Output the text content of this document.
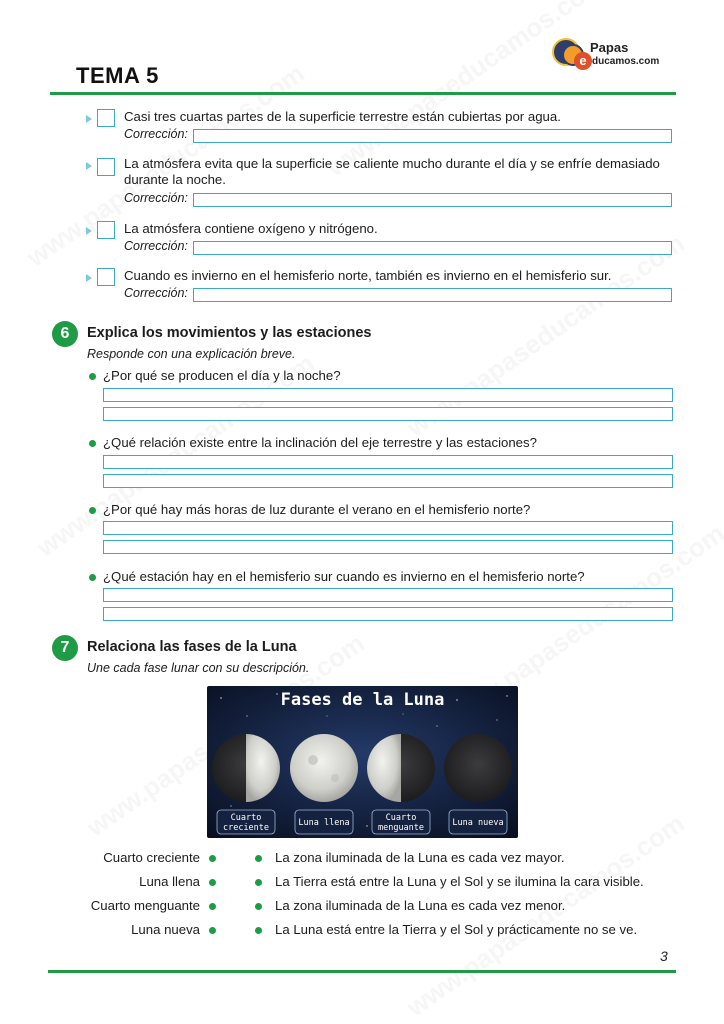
e
Papas
ducamos.com
TEMA 5
Casi tres cuartas partes de la superficie terrestre están cubiertas por agua.
Corrección:
La atmósfera evita que la superficie se caliente mucho durante el día y se enfríe demasiado durante la noche.
Corrección:
La atmósfera contiene oxígeno y nitrógeno.
Corrección:
Cuando es invierno en el hemisferio norte, también es invierno en el hemisferio sur.
Corrección:
6	Explica los movimientos y las estaciones
Responde con una explicación breve.
¿Por qué se producen el día y la noche?
¿Qué relación existe entre la inclinación del eje terrestre y las estaciones?
¿Por qué hay más horas de luz durante el verano en el hemisferio norte?
¿Qué estación hay en el hemisferio sur cuando es invierno en el hemisferio norte?
7	Relaciona las fases de la Luna
Une cada fase lunar con su descripción.
Fases de la Luna
Cuarto
creciente	Luna llena	Cuarto
menguante	Luna nueva
Cuarto creciente	La zona iluminada de la Luna es cada vez mayor.
Luna llena	La Tierra está entre la Luna y el Sol y se ilumina la cara visible.
Cuarto menguante	La zona iluminada de la Luna es cada vez menor.
Luna nueva	La Luna está entre la Tierra y el Sol y prácticamente no se ve.
3
